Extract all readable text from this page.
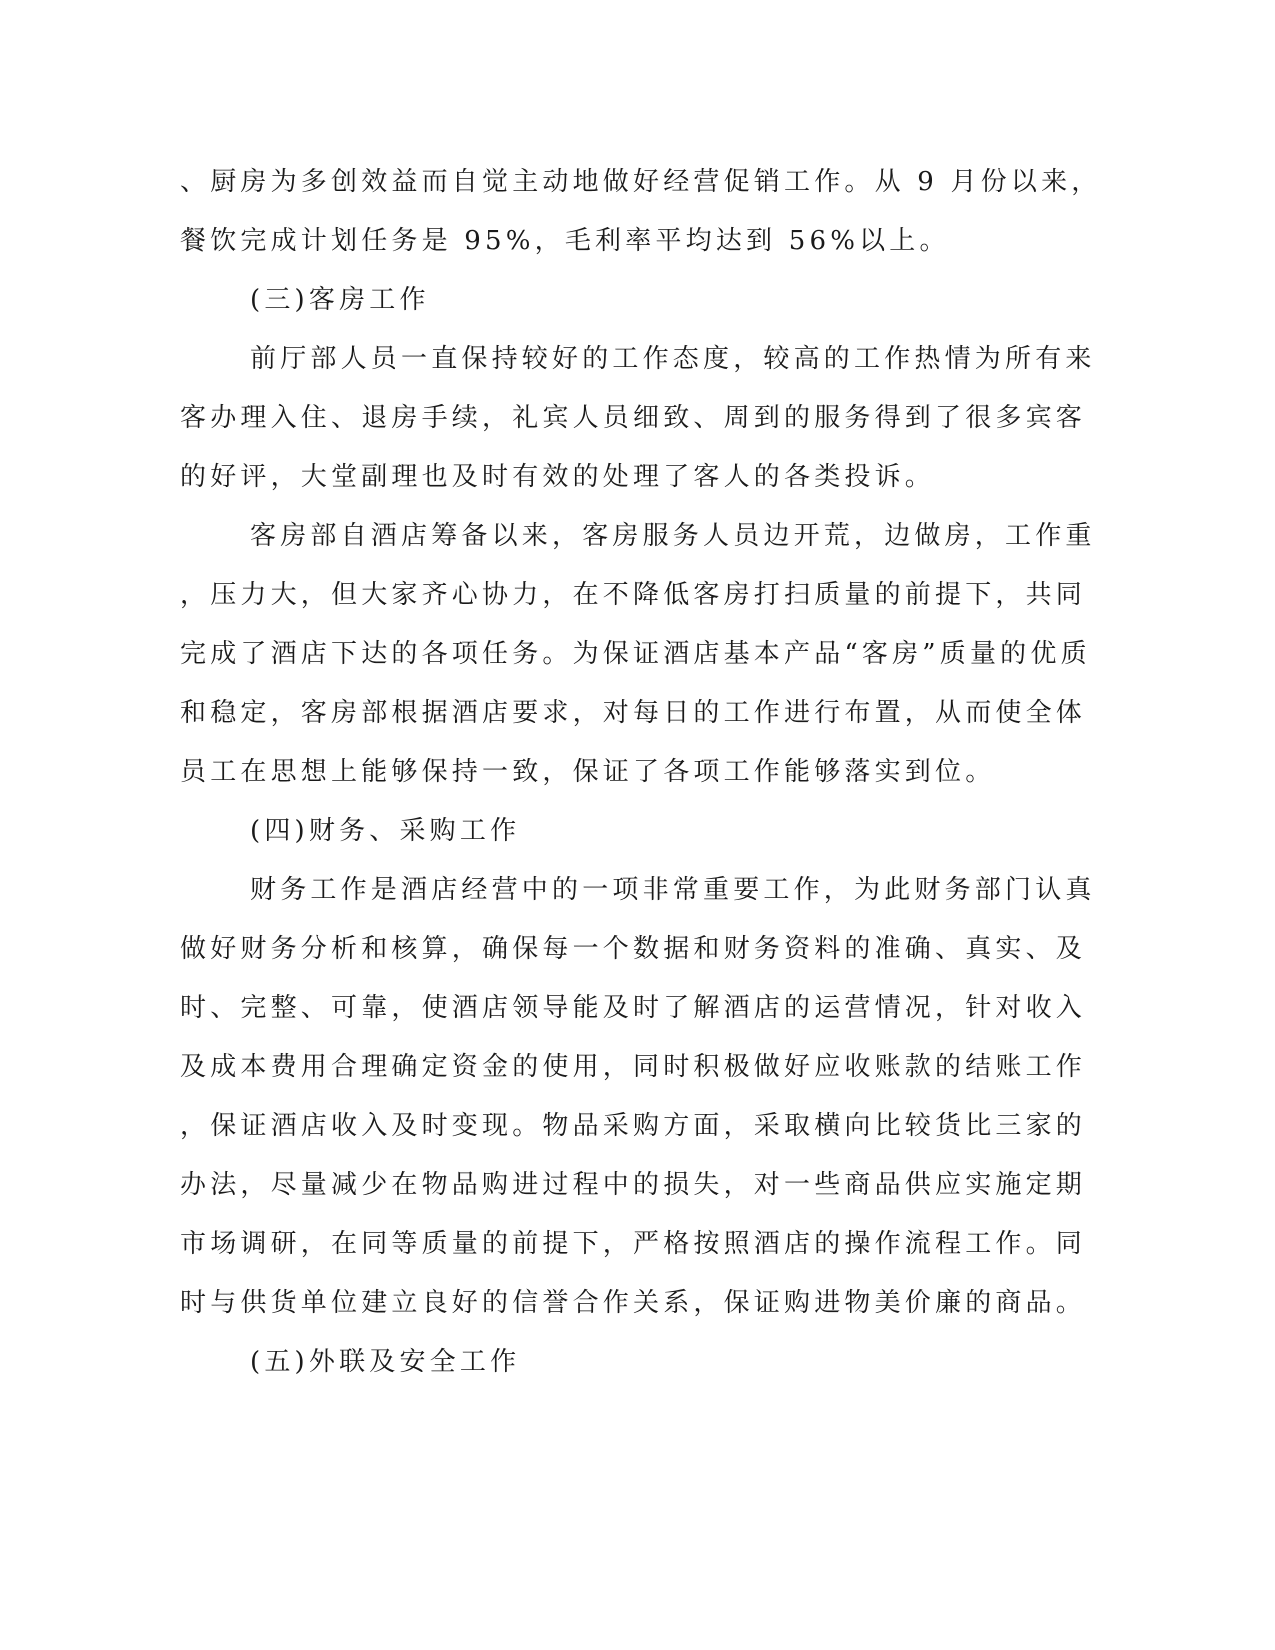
、厨房为多创效益而自觉主动地做好经营促销工作。从 9 月份以来，
餐饮完成计划任务是 95%，毛利率平均达到 56%以上。
(三)客房工作
前厅部人员一直保持较好的工作态度，较高的工作热情为所有来
客办理入住、退房手续，礼宾人员细致、周到的服务得到了很多宾客
的好评，大堂副理也及时有效的处理了客人的各类投诉。
客房部自酒店筹备以来，客房服务人员边开荒，边做房，工作重
，压力大，但大家齐心协力，在不降低客房打扫质量的前提下，共同
完成了酒店下达的各项任务。为保证酒店基本产品“客房”质量的优质
和稳定，客房部根据酒店要求，对每日的工作进行布置，从而使全体
员工在思想上能够保持一致，保证了各项工作能够落实到位。
(四)财务、采购工作
财务工作是酒店经营中的一项非常重要工作，为此财务部门认真
做好财务分析和核算，确保每一个数据和财务资料的准确、真实、及
时、完整、可靠，使酒店领导能及时了解酒店的运营情况，针对收入
及成本费用合理确定资金的使用，同时积极做好应收账款的结账工作
，保证酒店收入及时变现。物品采购方面，采取横向比较货比三家的
办法，尽量减少在物品购进过程中的损失，对一些商品供应实施定期
市场调研，在同等质量的前提下，严格按照酒店的操作流程工作。同
时与供货单位建立良好的信誉合作关系，保证购进物美价廉的商品。
(五)外联及安全工作
